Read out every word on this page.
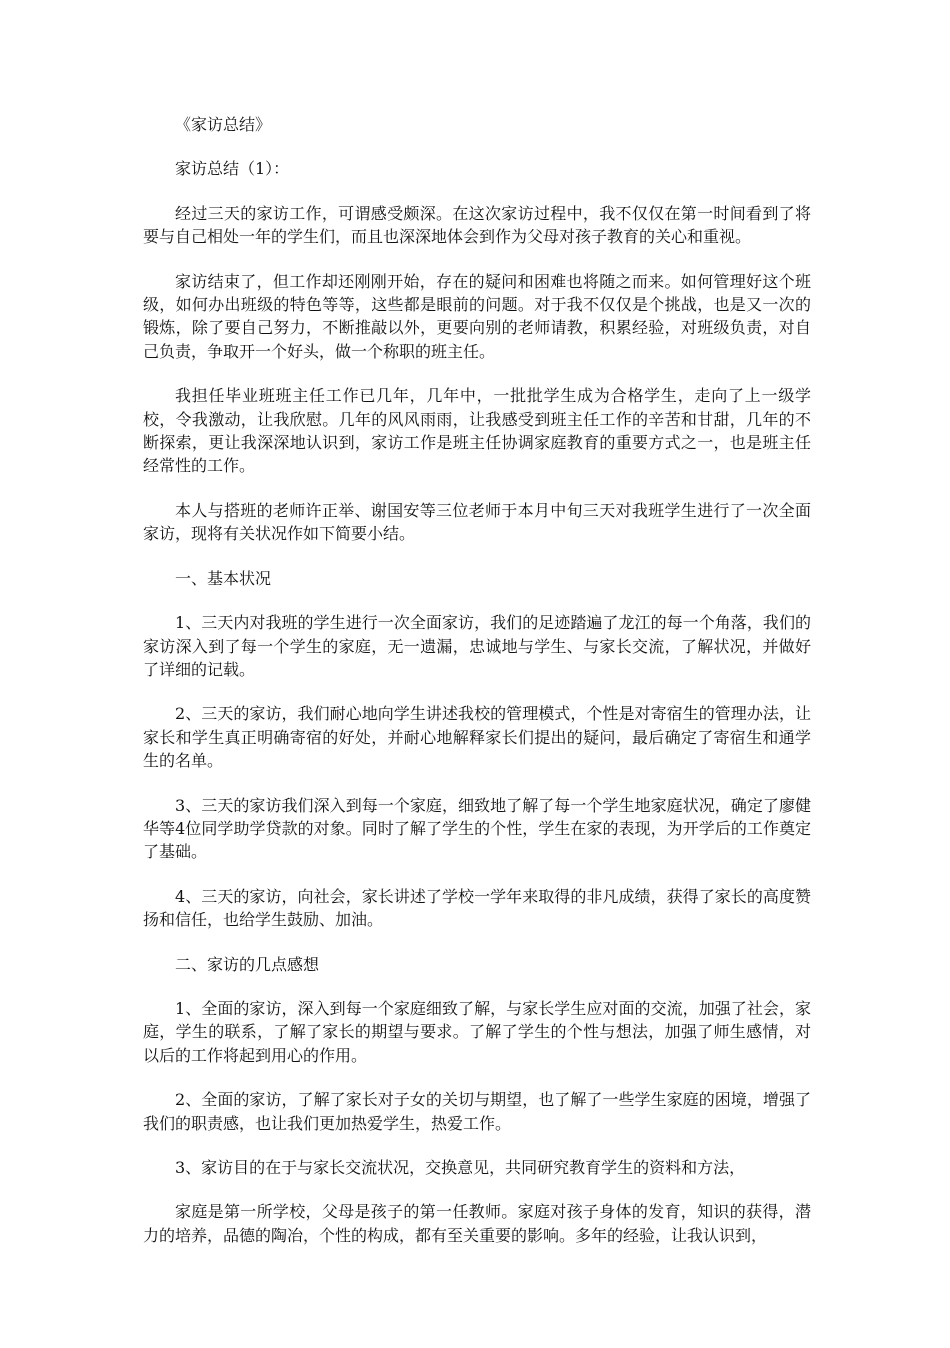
《家访总结》

家访总结（1）：

经过三天的家访工作，可谓感受颇深。在这次家访过程中，我不仅仅在第一时间看到了将要与自己相处一年的学生们，而且也深深地体会到作为父母对孩子教育的关心和重视。

家访结束了，但工作却还刚刚开始，存在的疑问和困难也将随之而来。如何管理好这个班级，如何办出班级的特色等等，这些都是眼前的问题。对于我不仅仅是个挑战，也是又一次的锻炼，除了要自己努力，不断推敲以外，更要向别的老师请教，积累经验，对班级负责，对自己负责，争取开一个好头，做一个称职的班主任。

我担任毕业班班主任工作已几年，几年中，一批批学生成为合格学生，走向了上一级学校，令我激动，让我欣慰。几年的风风雨雨，让我感受到班主任工作的辛苦和甘甜，几年的不断探索，更让我深深地认识到，家访工作是班主任协调家庭教育的重要方式之一，也是班主任经常性的工作。

本人与搭班的老师许正举、谢国安等三位老师于本月中旬三天对我班学生进行了一次全面家访，现将有关状况作如下简要小结。

一、基本状况

1、三天内对我班的学生进行一次全面家访，我们的足迹踏遍了龙江的每一个角落，我们的家访深入到了每一个学生的家庭，无一遗漏，忠诚地与学生、与家长交流，了解状况，并做好了详细的记载。

2、三天的家访，我们耐心地向学生讲述我校的管理模式，个性是对寄宿生的管理办法，让家长和学生真正明确寄宿的好处，并耐心地解释家长们提出的疑问，最后确定了寄宿生和通学生的名单。

3、三天的家访我们深入到每一个家庭，细致地了解了每一个学生地家庭状况，确定了廖健华等4位同学助学贷款的对象。同时了解了学生的个性，学生在家的表现，为开学后的工作奠定了基础。

4、三天的家访，向社会，家长讲述了学校一学年来取得的非凡成绩，获得了家长的高度赞扬和信任，也给学生鼓励、加油。

二、家访的几点感想

1、全面的家访，深入到每一个家庭细致了解，与家长学生应对面的交流，加强了社会，家庭，学生的联系，了解了家长的期望与要求。了解了学生的个性与想法，加强了师生感情，对以后的工作将起到用心的作用。

2、全面的家访，了解了家长对子女的关切与期望，也了解了一些学生家庭的困境，增强了我们的职责感，也让我们更加热爱学生，热爱工作。

3、家访目的在于与家长交流状况，交换意见，共同研究教育学生的资料和方法，

家庭是第一所学校，父母是孩子的第一任教师。家庭对孩子身体的发育，知识的获得，潜力的培养，品德的陶冶，个性的构成，都有至关重要的影响。多年的经验，让我认识到，
